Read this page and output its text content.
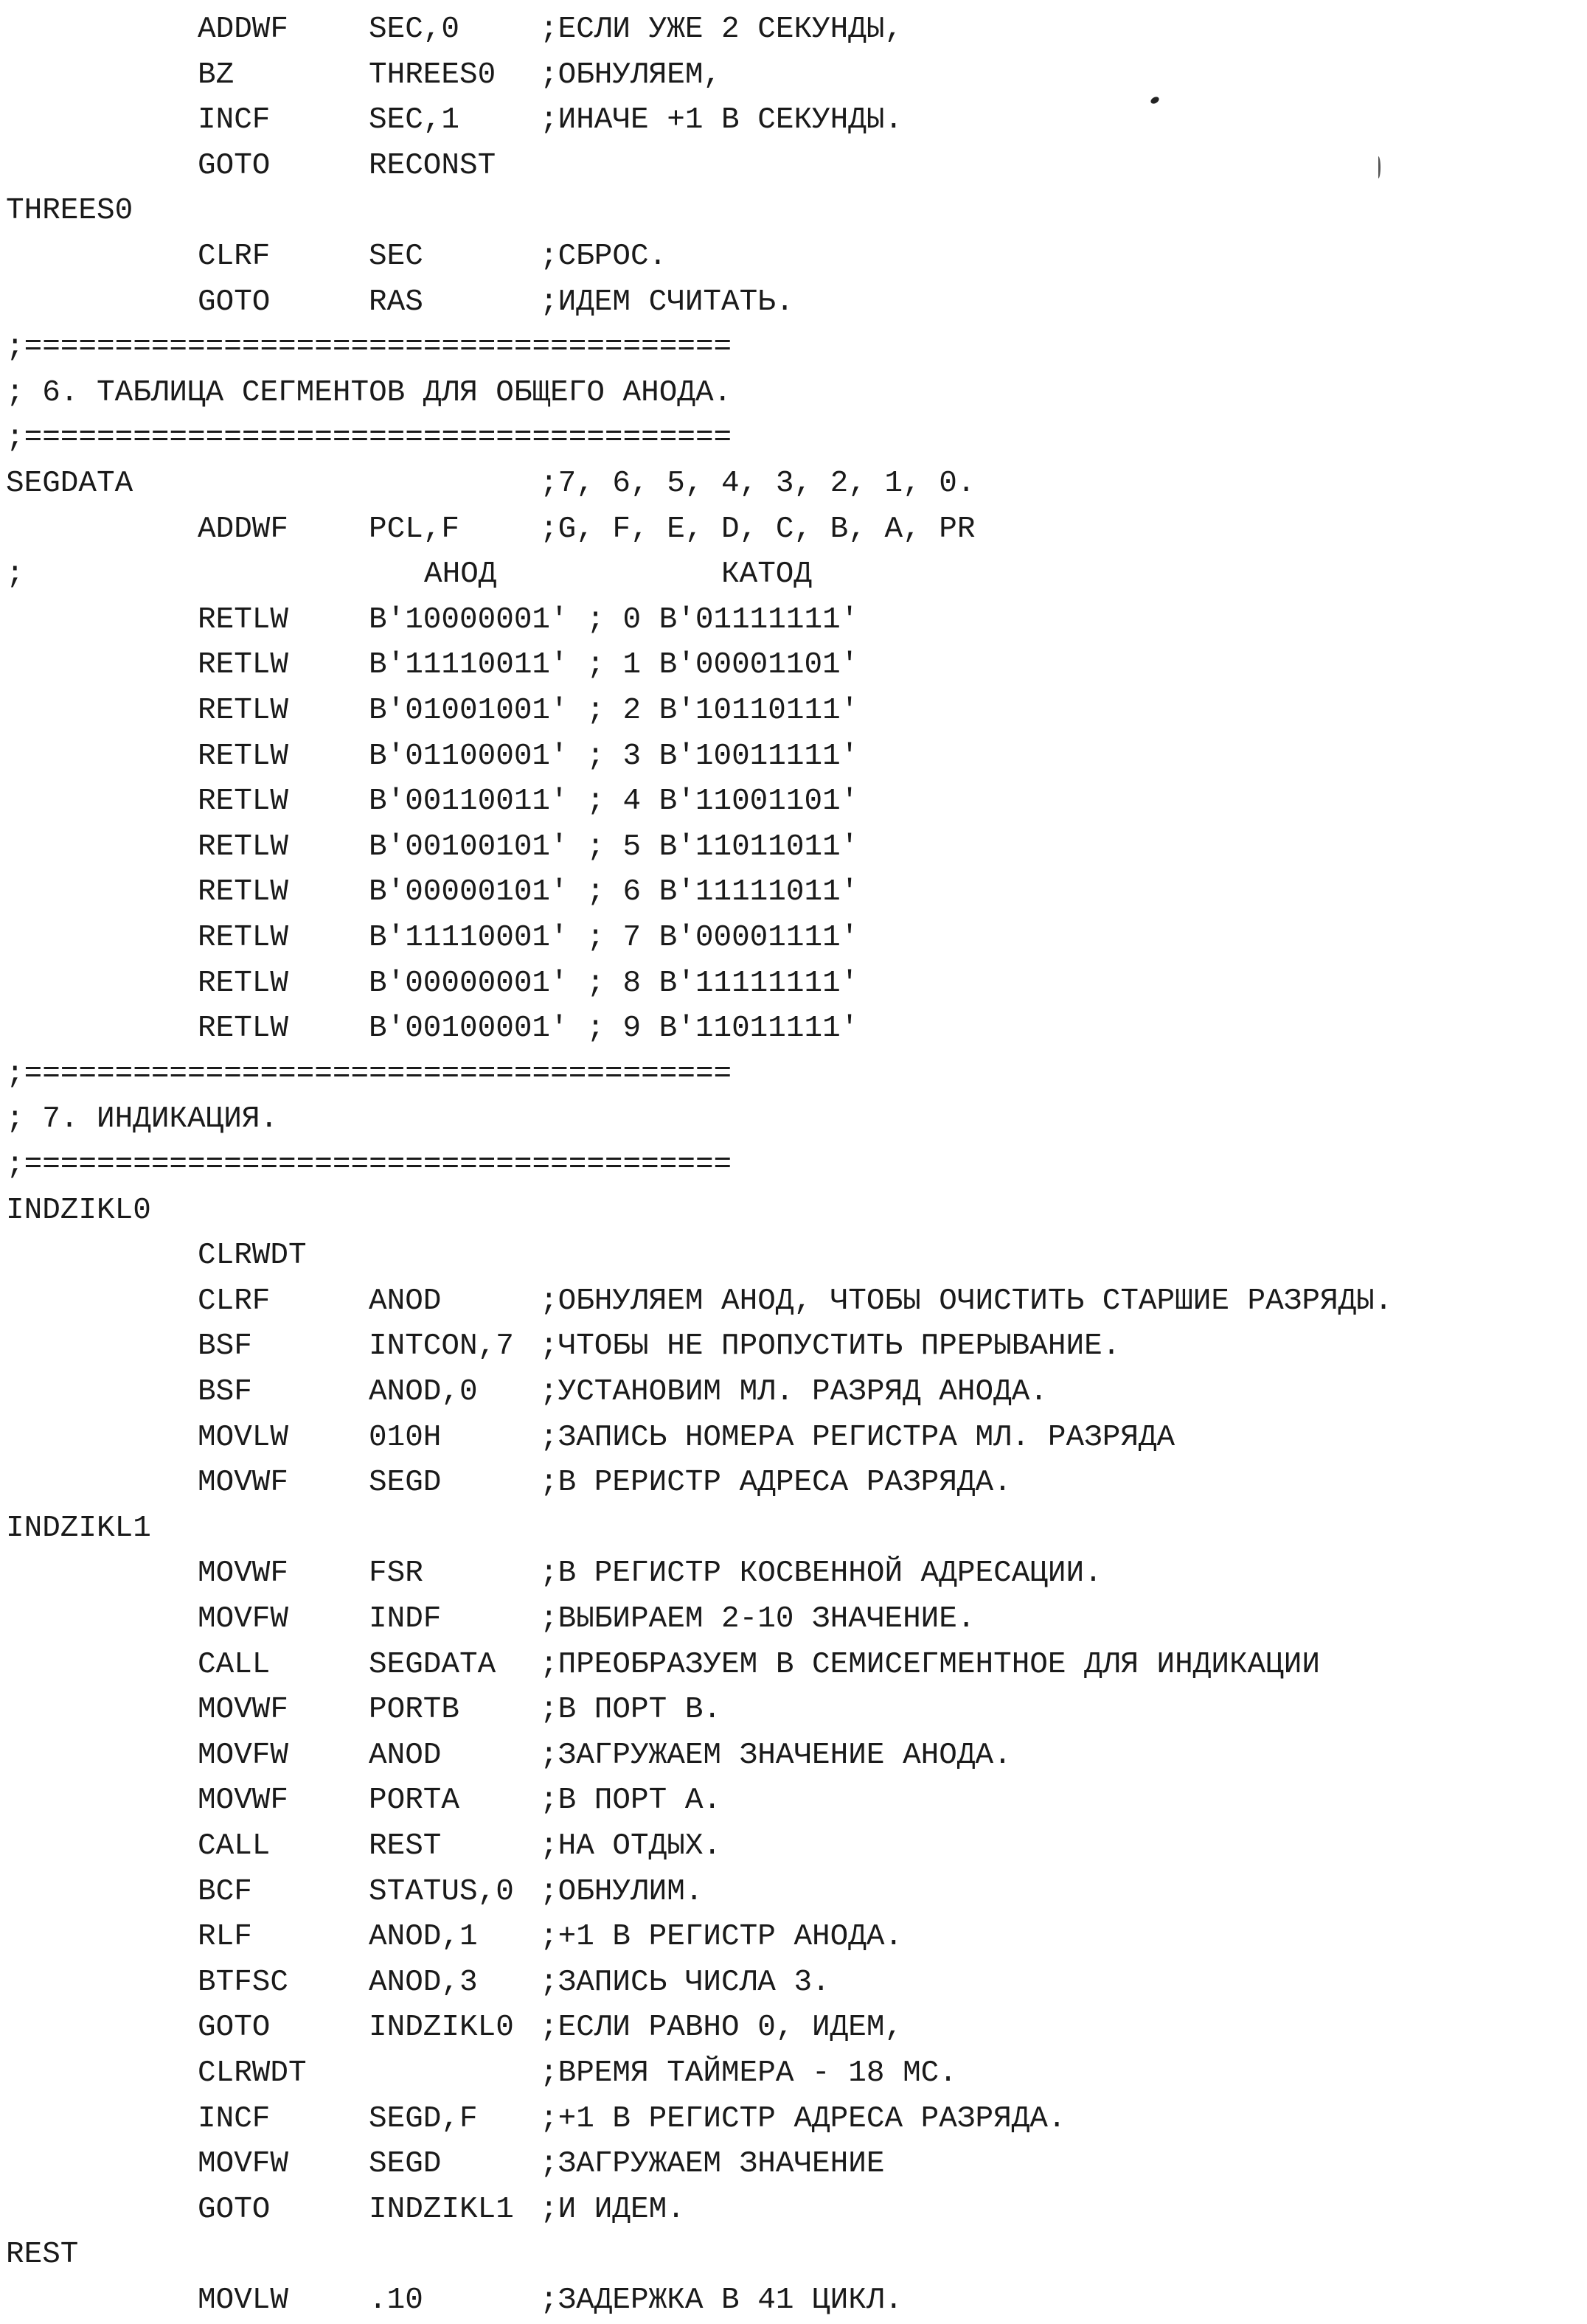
ADDWF	SEC,0	;ЕСЛИ УЖЕ 2 СЕКУНДЫ,
BZ	THREES0 ;ОБНУЛЯЕМ,
INCF	SEC,1	;ИНАЧЕ +1 В СЕКУНДЫ.
GOTO	RECONST
THREES0
CLRF	SEC	;СБРОС.
GOTO	RAS	;ИДЕМ СЧИТАТЬ.
;=======================================
; 6. ТАБЛИЦА СЕГМЕНТОВ ДЛЯ ОБЩЕГО АНОДА.
;=======================================
SEGDATA	;7, 6, 5, 4, 3, 2, 1, 0.
ADDWF	PCL,F	;G, F, E, D, C, B, A, PR
;	АНОД	КАТОД
RETLW	B'10000001' ; 0 B'01111111'
RETLW	B'11110011' ; 1 B'00001101'
RETLW	B'01001001' ; 2 B'10110111'
RETLW	B'01100001' ; 3 B'10011111'
RETLW	B'00110011' ; 4 B'11001101'
RETLW	B'00100101' ; 5 B'11011011'
RETLW	B'00000101' ; 6 B'11111011'
RETLW	B'11110001' ; 7 B'00001111'
RETLW	B'00000001' ; 8 B'11111111'
RETLW	B'00100001' ; 9 B'11011111'
;=======================================
; 7. ИНДИКАЦИЯ.
;=======================================
INDZIKL0
CLRWDT
CLRF	ANOD	;ОБНУЛЯЕМ АНОД, ЧТОБЫ ОЧИСТИТЬ СТАРШИЕ РАЗРЯДЫ.
BSF	INTCON,7 ;ЧТОБЫ НЕ ПРОПУСТИТЬ ПРЕРЫВАНИЕ.
BSF	ANOD,0 ;УСТАНОВИМ МЛ. РАЗРЯД АНОДА.
MOVLW	010H	;ЗАПИСЬ НОМЕРА РЕГИСТРА МЛ. РАЗРЯДА
MOVWF	SEGD	;В РЕРИСТР АДРЕСА РАЗРЯДА.
INDZIKL1
MOVWF	FSR	;В РЕГИСТР КОСВЕННОЙ АДРЕСАЦИИ.
MOVFW	INDF	;ВЫБИРАЕМ 2-10 ЗНАЧЕНИЕ.
CALL	SEGDATA ;ПРЕОБРАЗУЕМ В СЕМИСЕГМЕНТНОЕ ДЛЯ ИНДИКАЦИИ
MOVWF	PORTB	;В ПОРТ В.
MOVFW	ANOD	;ЗАГРУЖАЕМ ЗНАЧЕНИЕ АНОДА.
MOVWF	PORTA	;В ПОРТ А.
CALL	REST	;НА ОТДЫХ.
BCF	STATUS,0 ;ОБНУЛИМ.
RLF	ANOD,1 ;+1 В РЕГИСТР АНОДА.
BTFSC	ANOD,3 ;ЗАПИСЬ ЧИСЛА 3.
GOTO	INDZIKL0 ;ЕСЛИ РАВНО 0, ИДЕМ,
CLRWDT	;ВРЕМЯ ТАЙМЕРА - 18 МС.
INCF	SEGD,F ;+1 В РЕГИСТР АДРЕСА РАЗРЯДА.
MOVFW	SEGD	;ЗАГРУЖАЕМ ЗНАЧЕНИЕ
GOTO	INDZIKL1 ;И ИДЕМ.
REST
MOVLW	.10	;ЗАДЕРЖКА В 41 ЦИКЛ.
